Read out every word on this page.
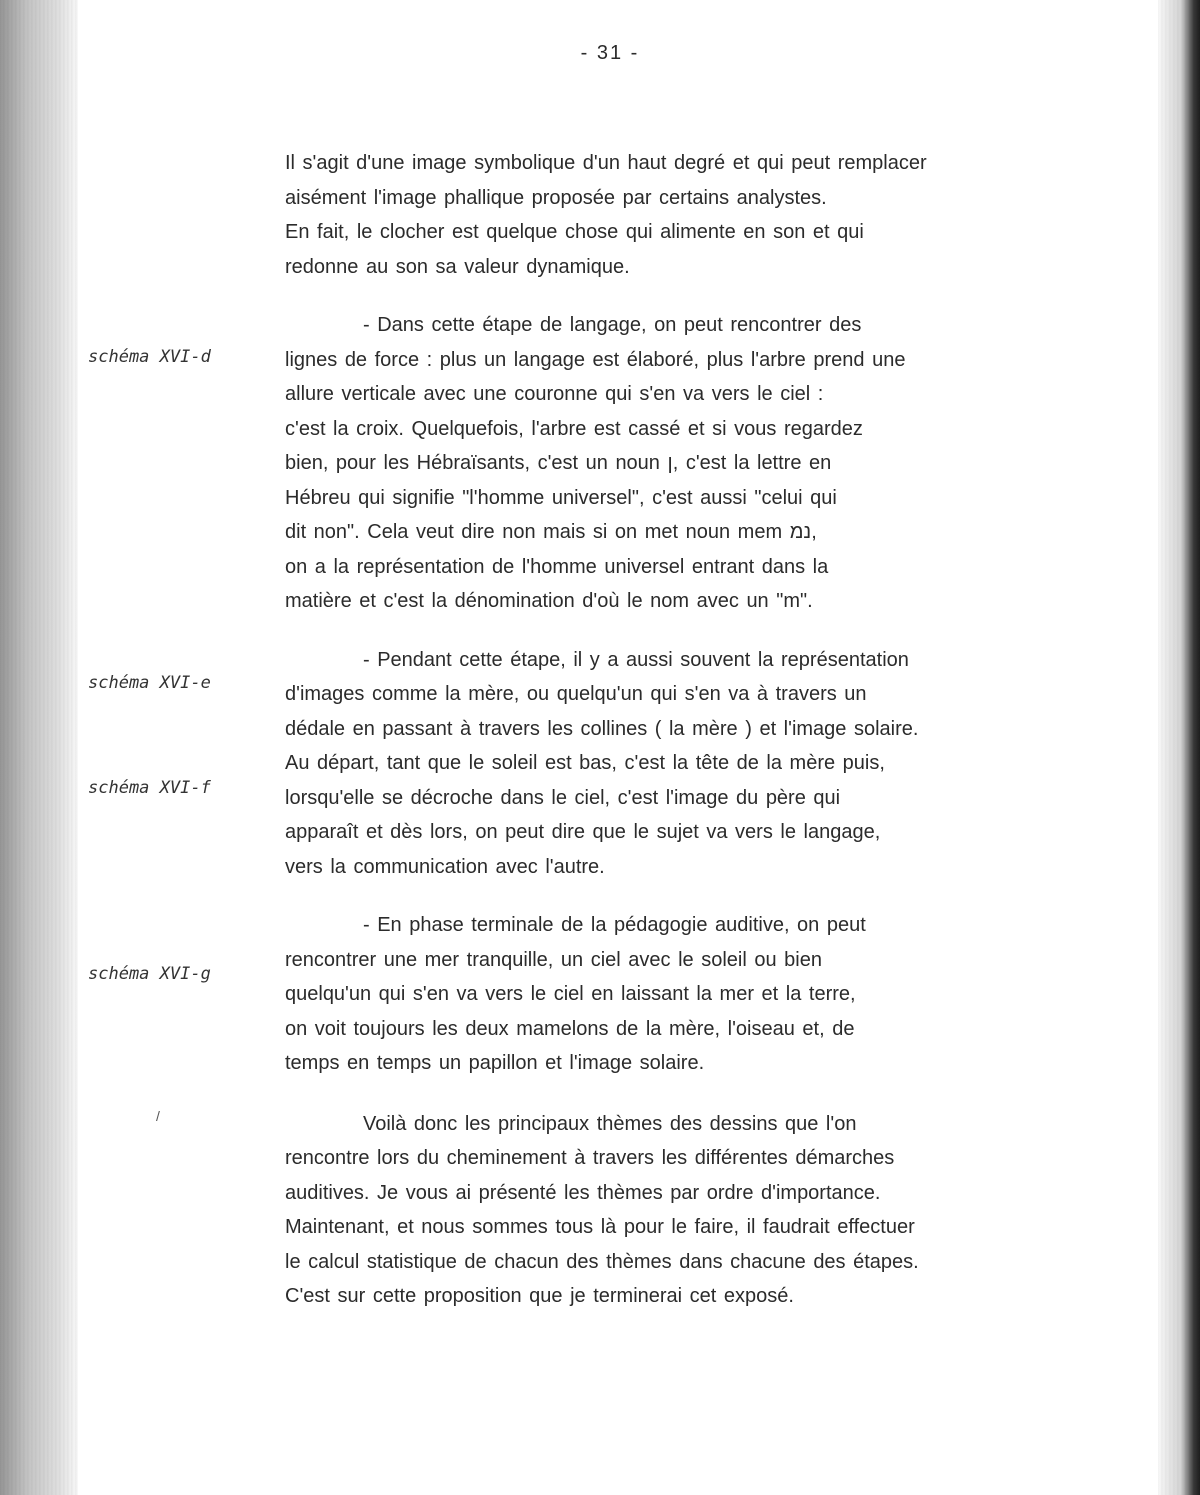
- 31 -
schéma XVI-d
schéma XVI-e
schéma XVI-f
schéma XVI-g
/
Il s'agit d'une image symbolique d'un haut degré et qui peut remplacer
aisément l'image phallique proposée par certains analystes.
En fait, le clocher est quelque chose qui alimente en son et qui
redonne au son sa valeur dynamique.
- Dans cette étape de langage, on peut rencontrer des
lignes de force : plus un langage est élaboré, plus l'arbre prend une
allure verticale avec une couronne qui s'en va vers le ciel :
c'est la croix. Quelquefois, l'arbre est cassé et si vous regardez
bien, pour les Hébraïsants, c'est un noun ן, c'est la lettre en
Hébreu qui signifie "l'homme universel", c'est aussi "celui qui
dit non". Cela veut dire non mais si on met noun mem נמ,
on a la représentation de l'homme universel entrant dans la
matière et c'est la dénomination d'où le nom avec un "m".
- Pendant cette étape, il y a aussi souvent la représentation
d'images comme la mère, ou quelqu'un qui s'en va à travers un
dédale en passant à travers les collines ( la mère ) et l'image solaire.
Au départ, tant que le soleil est bas, c'est la tête de la mère puis,
lorsqu'elle se décroche dans le ciel, c'est l'image du père qui
apparaît et dès lors, on peut dire que le sujet va vers le langage,
vers la communication avec l'autre.
- En phase terminale de la pédagogie auditive, on peut
rencontrer une mer tranquille, un ciel avec le soleil ou bien
quelqu'un qui s'en va vers le ciel en laissant la mer et la terre,
on voit toujours les deux mamelons de la mère, l'oiseau et, de
temps en temps un papillon et l'image solaire.
Voilà donc les principaux thèmes des dessins que l'on
rencontre lors du cheminement à travers les différentes démarches
auditives. Je vous ai présenté les thèmes par ordre d'importance.
Maintenant, et nous sommes tous là pour le faire, il faudrait effectuer
le calcul statistique de chacun des thèmes dans chacune des étapes.
C'est sur cette proposition que je terminerai cet exposé.
